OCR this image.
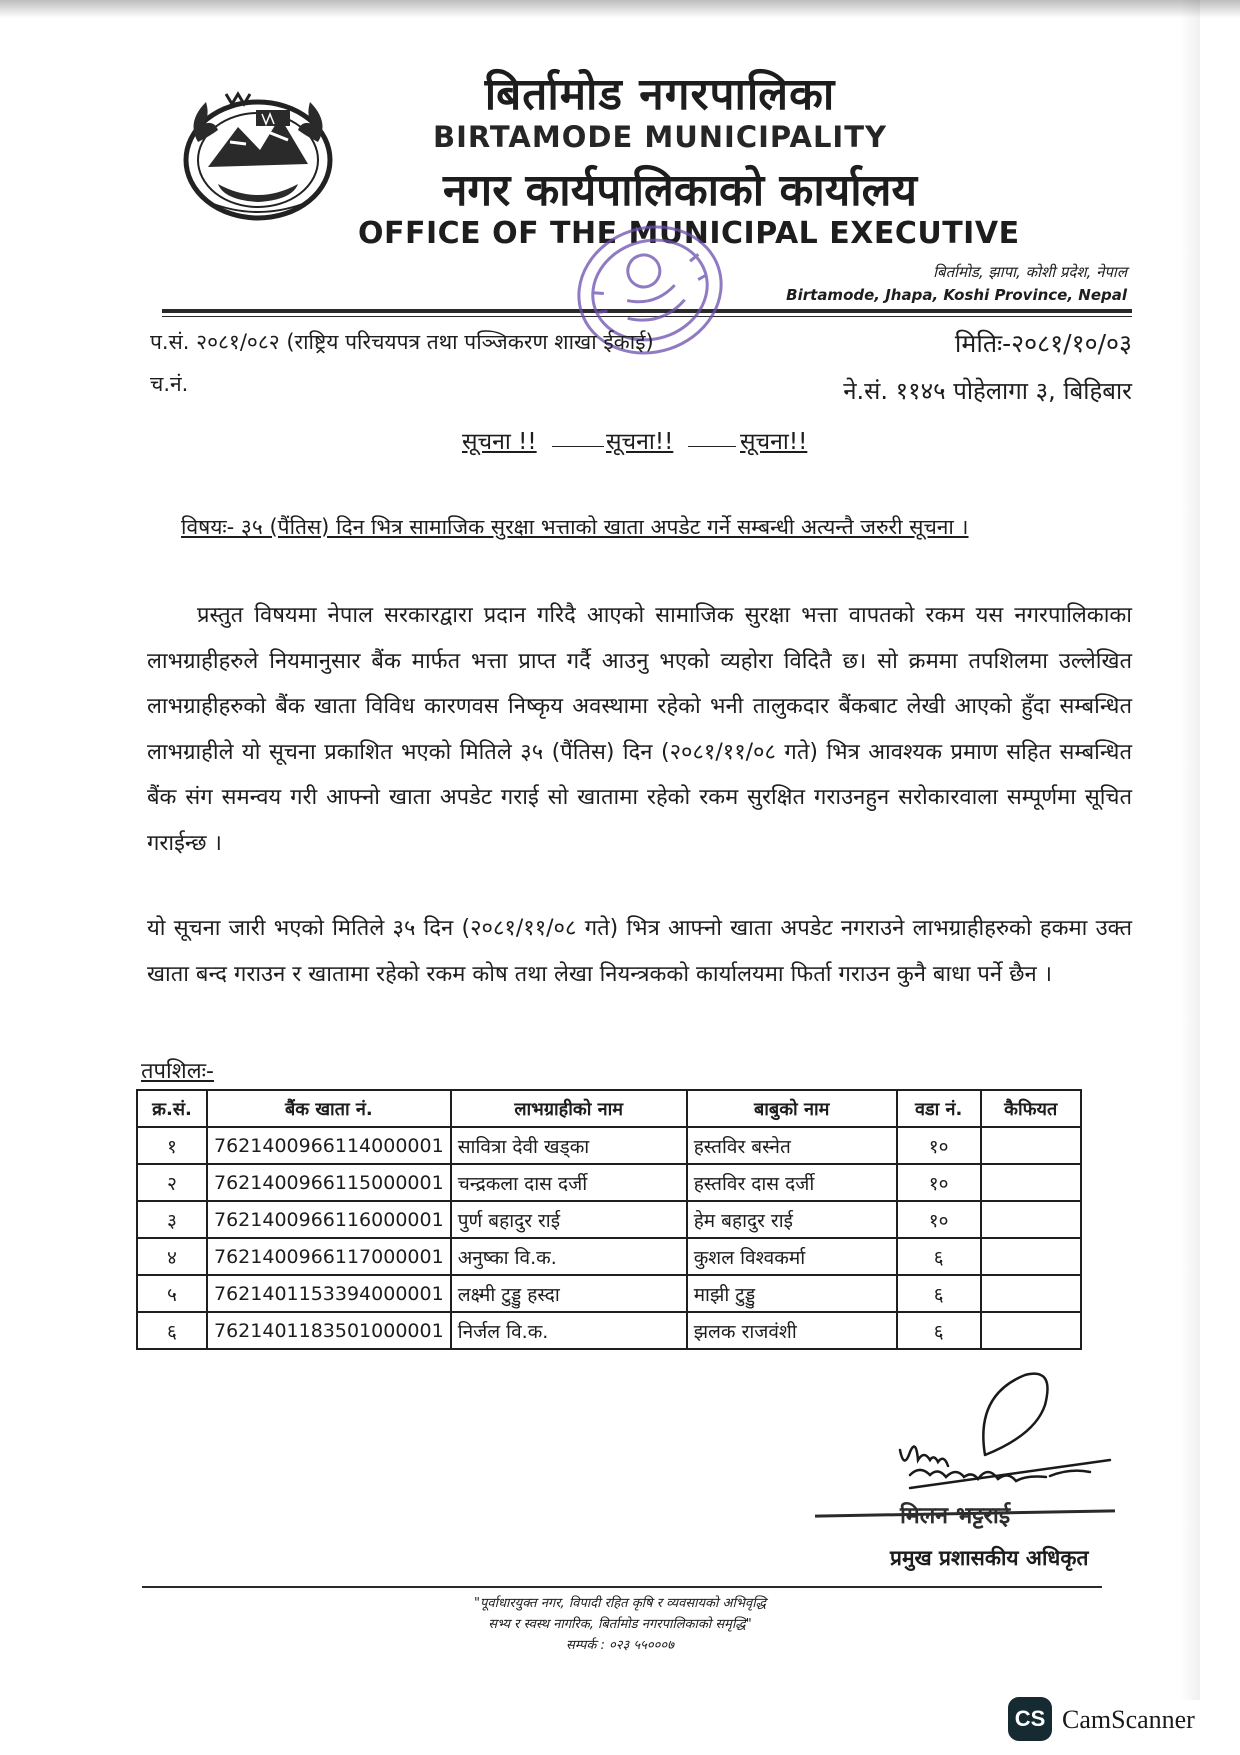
बिर्तामोड नगरपालिका
BIRTAMODE MUNICIPALITY
नगर कार्यपालिकाको कार्यालय
OFFICE OF THE MUNICIPAL EXECUTIVE
बिर्तामोड, झापा, कोशी प्रदेश, नेपाल
Birtamode, Jhapa, Koshi Province, Nepal
प.सं. २०८१/०८२ (राष्ट्रिय परिचयपत्र तथा पञ्जिकरण शाखा ईकाई)
च.नं.
मितिः-२०८१/१०/०३
ने.सं. ११४५ पोहेलागा ३, बिहिबार
सूचना !!	सूचना!!	सूचना!!
विषयः- ३५ (पैंतिस) दिन भित्र सामाजिक सुरक्षा भत्ताको खाता अपडेट गर्ने सम्बन्धी अत्यन्तै जरुरी सूचना ।
प्रस्तुत विषयमा नेपाल सरकारद्वारा प्रदान गरिदै आएको सामाजिक सुरक्षा भत्ता वापतको रकम यस नगरपालिकाका लाभग्राहीहरुले नियमानुसार बैंक मार्फत भत्ता प्राप्त गर्दै आउनु भएको व्यहोरा विदितै छ। सो क्रममा तपशिलमा उल्लेखित लाभग्राहीहरुको बैंक खाता विविध कारणवस निष्कृय अवस्थामा रहेको भनी तालुकदार बैंकबाट लेखी आएको हुँदा सम्बन्धित लाभग्राहीले यो सूचना प्रकाशित भएको मितिले ३५ (पैंतिस) दिन (२०८१/११/०८ गते) भित्र आवश्यक प्रमाण सहित सम्बन्धित बैंक संग समन्वय गरी आफ्नो खाता अपडेट गराई सो खातामा रहेको रकम सुरक्षित गराउनहुन सरोकारवाला सम्पूर्णमा सूचित गराईन्छ ।
यो सूचना जारी भएको मितिले ३५ दिन (२०८१/११/०८ गते) भित्र आफ्नो खाता अपडेट नगराउने लाभग्राहीहरुको हकमा उक्त खाता बन्द गराउन र खातामा रहेको रकम कोष तथा लेखा नियन्त्रकको कार्यालयमा फिर्ता गराउन कुनै बाधा पर्ने छैन ।
तपशिलः-
क्र.सं.	बैंक खाता नं.	लाभग्राहीको नाम	बाबुको नाम	वडा नं.	कैफियत
१	7621400966114000001	सावित्रा देवी खड्का	हस्तविर बस्नेत	१०	
२	7621400966115000001	चन्द्रकला दास दर्जी	हस्तविर दास दर्जी	१०	
३	7621400966116000001	पुर्ण बहादुर राई	हेम बहादुर राई	१०	
४	7621400966117000001	अनुष्का वि.क.	कुशल विश्वकर्मा	६	
५	7621401153394000001	लक्ष्मी टुड्डु हस्दा	माझी टुड्डु	६	
६	7621401183501000001	निर्जल वि.क.	झलक राजवंशी	६	
मिलन भट्टराई
प्रमुख प्रशासकीय अधिकृत
"पूर्वाधारयुक्त नगर, विपादी रहित कृषि र व्यवसायको अभिवृद्धि
सभ्य र स्वस्थ नागरिक, बिर्तामोड नगरपालिकाको समृद्धि"
सम्पर्क : ०२३ ५५०००७
CS CamScanner
